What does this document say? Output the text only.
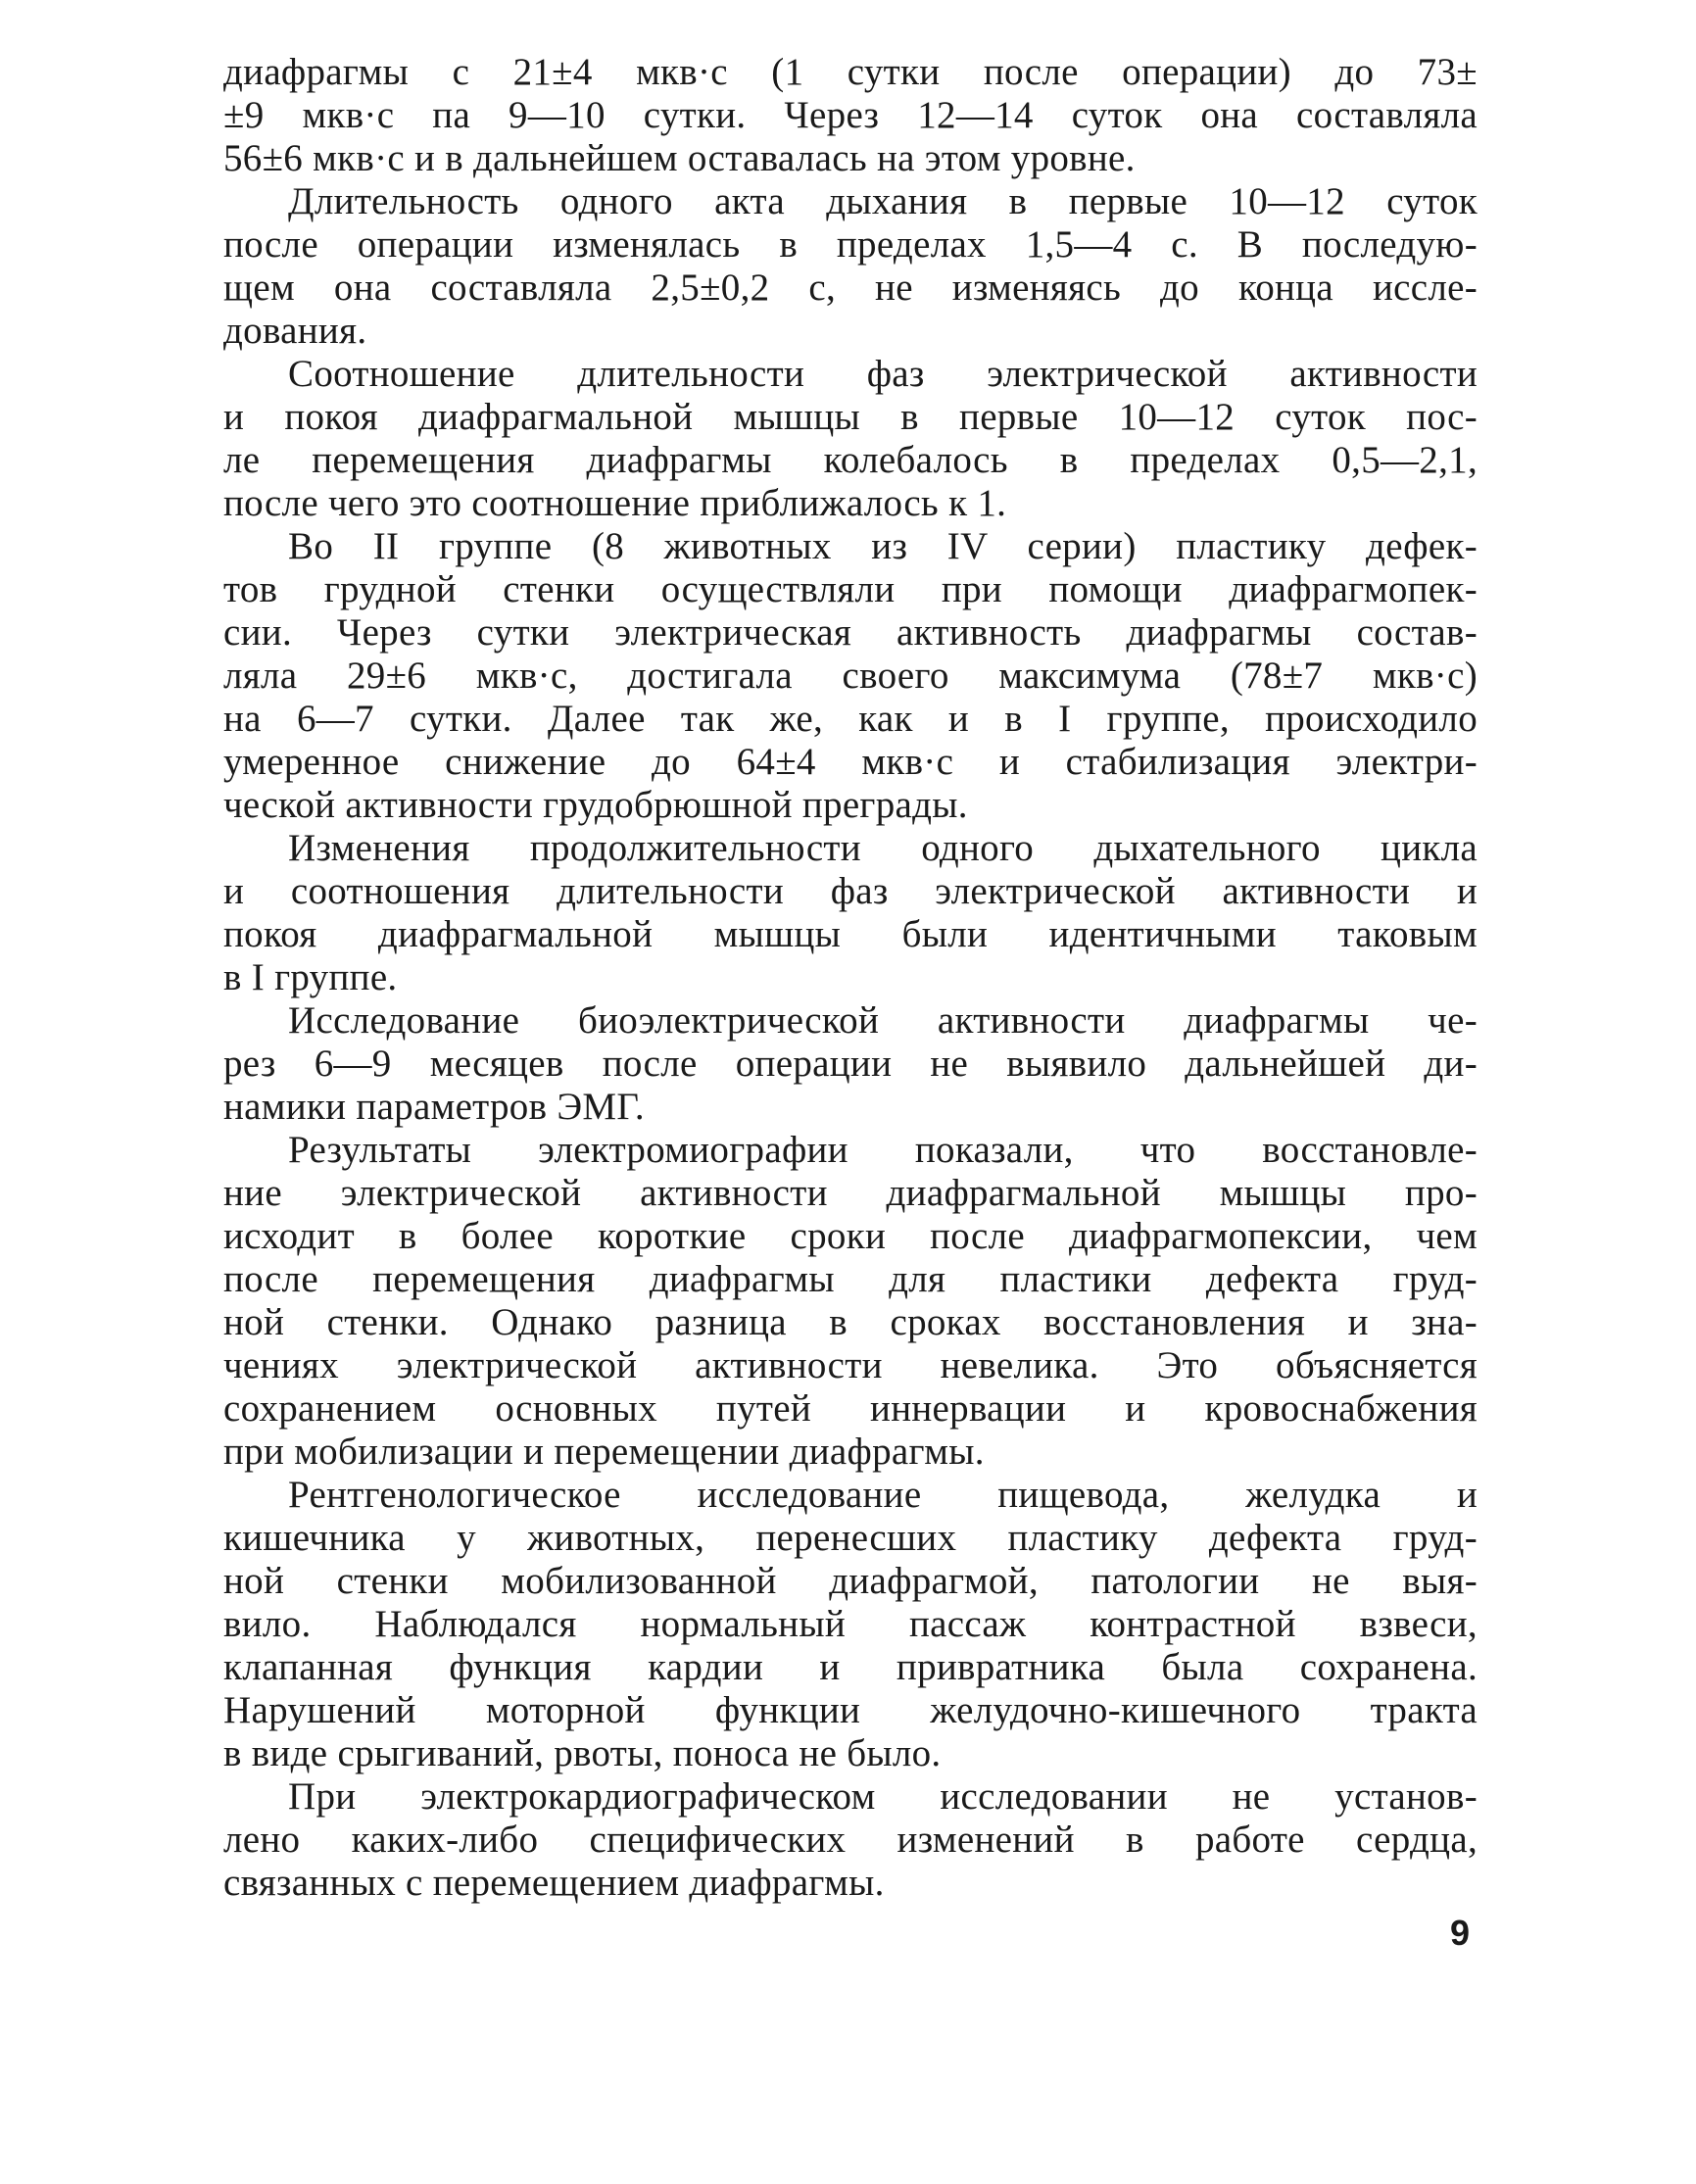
диафрагмы с 21±4 мкв·с (1 сутки после операции) до 73±
±9 мкв·с па 9—10 сутки. Через 12—14 суток она составляла
56±6 мкв·с и в дальнейшем оставалась на этом уровне.
Длительность одного акта дыхания в первые 10—12 суток
после операции изменялась в пределах 1,5—4 с. В последую-
щем она составляла 2,5±0,2 с, не изменяясь до конца иссле-
дования.
Соотношение длительности фаз электрической активности
и покоя диафрагмальной мышцы в первые 10—12 суток пос-
ле перемещения диафрагмы колебалось в пределах 0,5—2,1,
после чего это соотношение приближалось к 1.
Во II группе (8 животных из IV серии) пластику дефек-
тов грудной стенки осуществляли при помощи диафрагмопек-
сии. Через сутки электрическая активность диафрагмы состав-
ляла 29±6 мкв·с, достигала своего максимума (78±7 мкв·с)
на 6—7 сутки. Далее так же, как и в I группе, происходило
умеренное снижение до 64±4 мкв·с и стабилизация электри-
ческой активности грудобрюшной преграды.
Изменения продолжительности одного дыхательного цикла
и соотношения длительности фаз электрической активности и
покоя диафрагмальной мышцы были идентичными таковым
в I группе.
Исследование биоэлектрической активности диафрагмы че-
рез 6—9 месяцев после операции не выявило дальнейшей ди-
намики параметров ЭМГ.
Результаты электромиографии показали, что восстановле-
ние электрической активности диафрагмальной мышцы про-
исходит в более короткие сроки после диафрагмопексии, чем
после перемещения диафрагмы для пластики дефекта груд-
ной стенки. Однако разница в сроках восстановления и зна-
чениях электрической активности невелика. Это объясняется
сохранением основных путей иннервации и кровоснабжения
при мобилизации и перемещении диафрагмы.
Рентгенологическое исследование пищевода, желудка и
кишечника у животных, перенесших пластику дефекта груд-
ной стенки мобилизованной диафрагмой, патологии не выя-
вило. Наблюдался нормальный пассаж контрастной взвеси,
клапанная функция кардии и привратника была сохранена.
Нарушений моторной функции желудочно-кишечного тракта
в виде срыгиваний, рвоты, поноса не было.
При электрокардиографическом исследовании не установ-
лено каких-либо специфических изменений в работе сердца,
связанных с перемещением диафрагмы.
9
